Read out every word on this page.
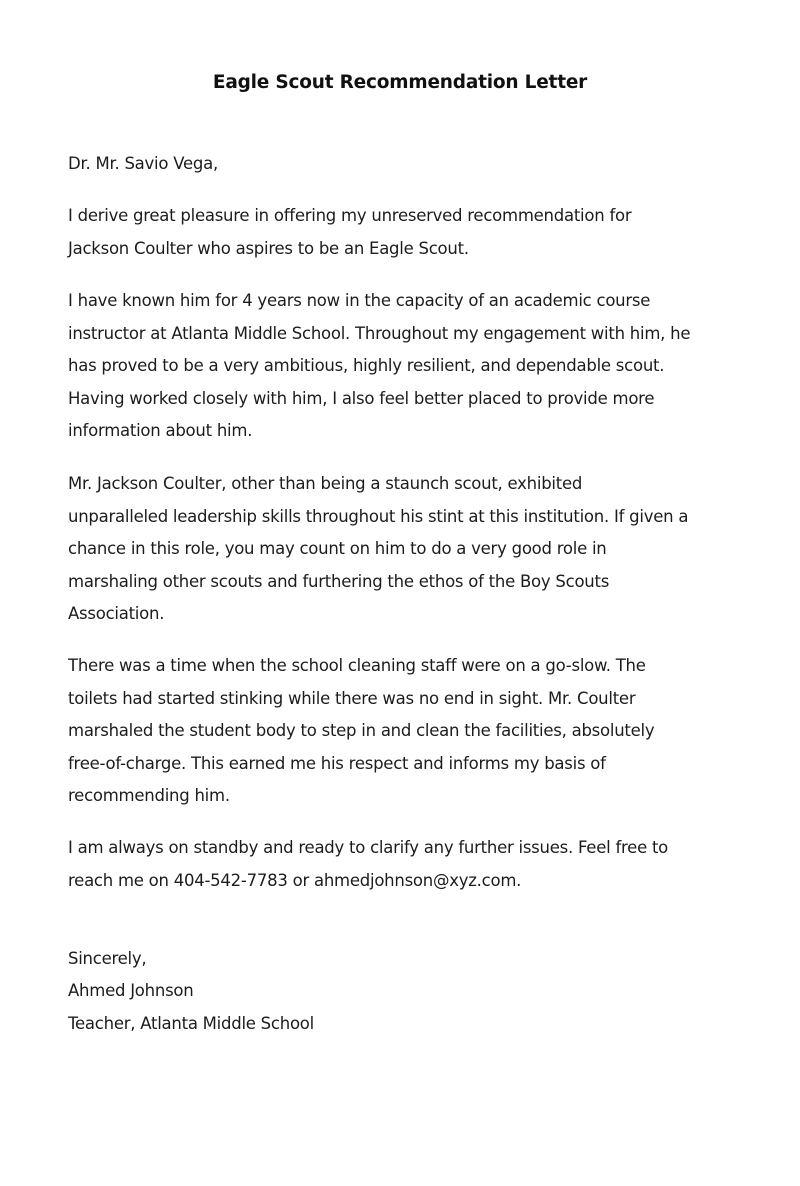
Eagle Scout Recommendation Letter
Dr. Mr. Savio Vega,
I derive great pleasure in offering my unreserved recommendation for
Jackson Coulter who aspires to be an Eagle Scout.
I have known him for 4 years now in the capacity of an academic course
instructor at Atlanta Middle School. Throughout my engagement with him, he
has proved to be a very ambitious, highly resilient, and dependable scout.
Having worked closely with him, I also feel better placed to provide more
information about him.
Mr. Jackson Coulter, other than being a staunch scout, exhibited
unparalleled leadership skills throughout his stint at this institution. If given a
chance in this role, you may count on him to do a very good role in
marshaling other scouts and furthering the ethos of the Boy Scouts
Association.
There was a time when the school cleaning staff were on a go-slow. The
toilets had started stinking while there was no end in sight. Mr. Coulter
marshaled the student body to step in and clean the facilities, absolutely
free-of-charge. This earned me his respect and informs my basis of
recommending him.
I am always on standby and ready to clarify any further issues. Feel free to
reach me on 404-542-7783 or ahmedjohnson@xyz.com.
Sincerely,
Ahmed Johnson
Teacher, Atlanta Middle School
